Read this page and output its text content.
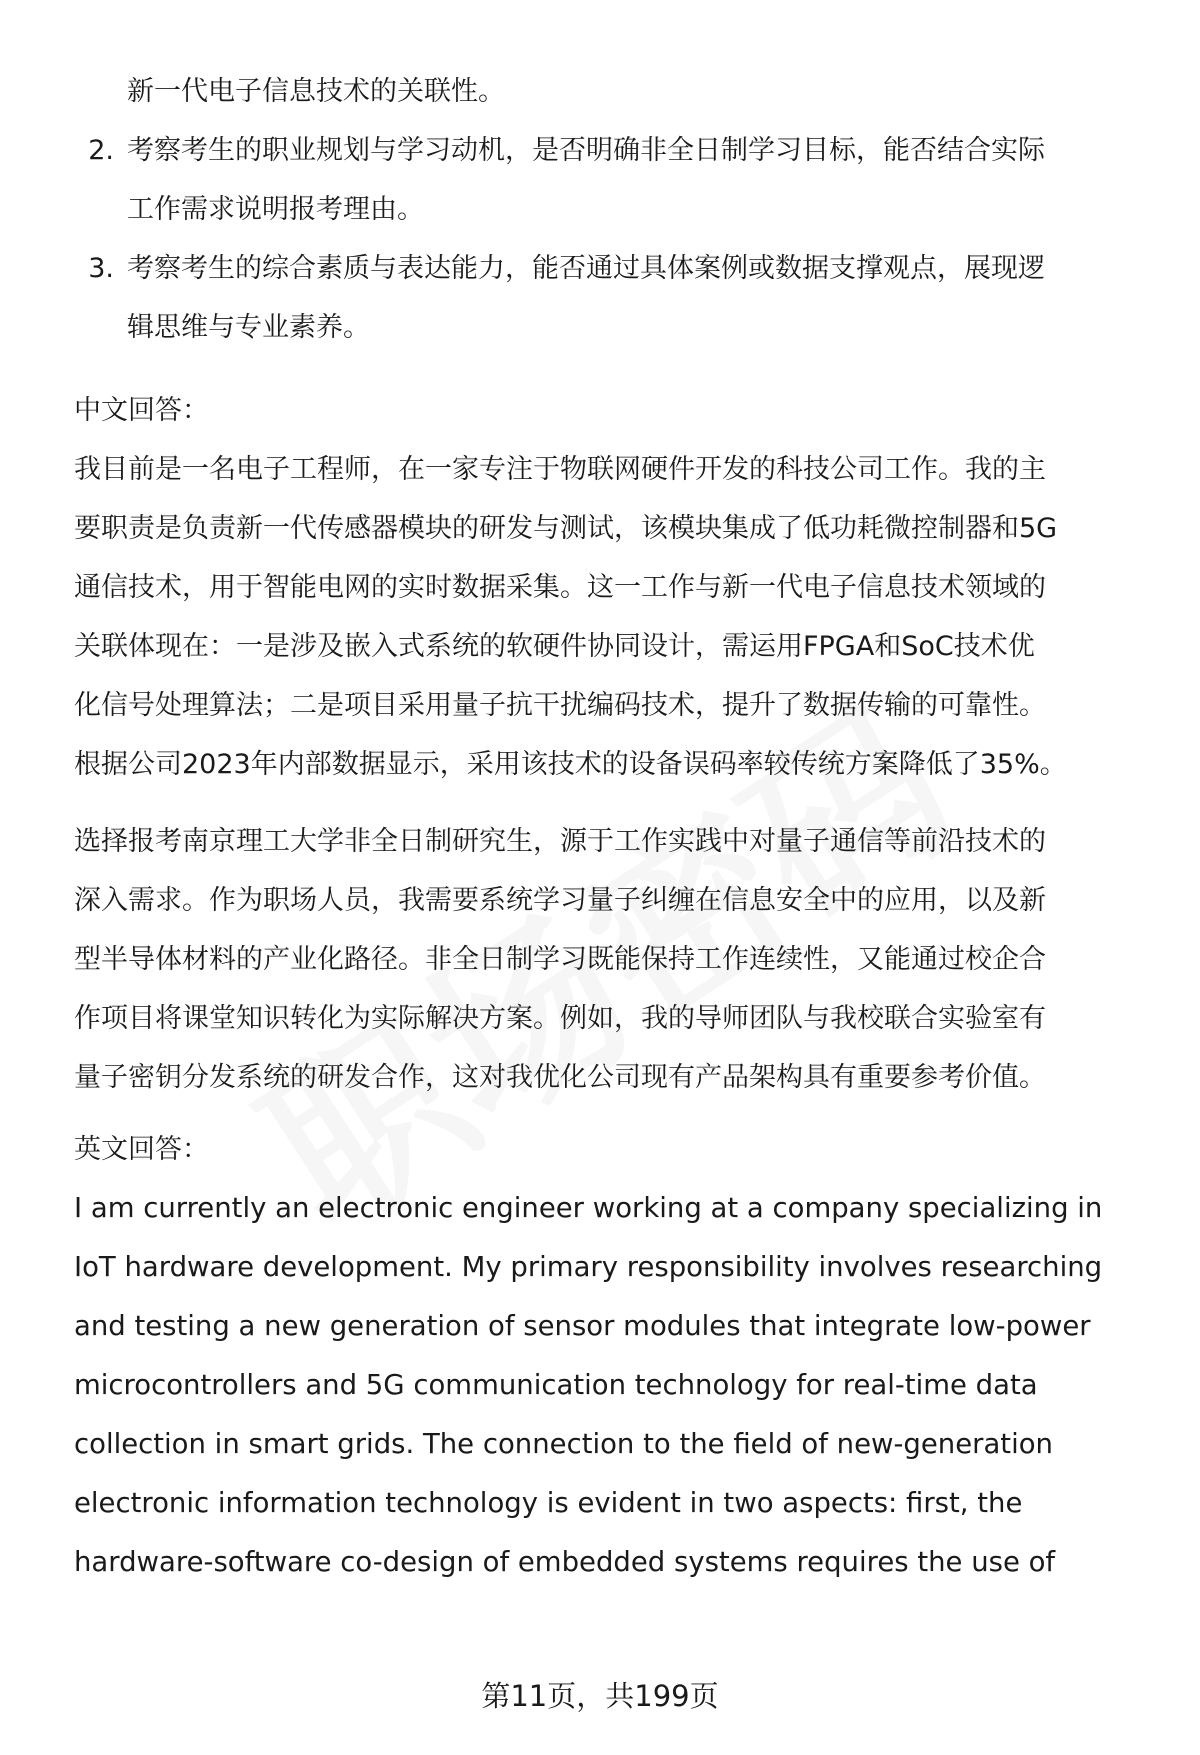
新一代电子信息技术的关联性。
2. 考察考生的职业规划与学习动机，是否明确非全日制学习目标，能否结合实际
工作需求说明报考理由。
3. 考察考生的综合素质与表达能力，能否通过具体案例或数据支撑观点，展现逻
辑思维与专业素养。
中文回答：
我目前是一名电子工程师，在一家专注于物联网硬件开发的科技公司工作。我的主
要职责是负责新一代传感器模块的研发与测试，该模块集成了低功耗微控制器和5G
通信技术，用于智能电网的实时数据采集。这一工作与新一代电子信息技术领域的
关联体现在：一是涉及嵌入式系统的软硬件协同设计，需运用FPGA和SoC技术优
化信号处理算法；二是项目采用量子抗干扰编码技术，提升了数据传输的可靠性。
根据公司2023年内部数据显示，采用该技术的设备误码率较传统方案降低了35%。
选择报考南京理工大学非全日制研究生，源于工作实践中对量子通信等前沿技术的
深入需求。作为职场人员，我需要系统学习量子纠缠在信息安全中的应用，以及新
型半导体材料的产业化路径。非全日制学习既能保持工作连续性，又能通过校企合
作项目将课堂知识转化为实际解决方案。例如，我的导师团队与我校联合实验室有
量子密钥分发系统的研发合作，这对我优化公司现有产品架构具有重要参考价值。
英文回答：
I am currently an electronic engineer working at a company specializing in
IoT hardware development. My primary responsibility involves researching
and testing a new generation of sensor modules that integrate low-power
microcontrollers and 5G communication technology for real-time data
collection in smart grids. The connection to the field of new-generation
electronic information technology is evident in two aspects: first, the
hardware-software co-design of embedded systems requires the use of
第11页，共199页
